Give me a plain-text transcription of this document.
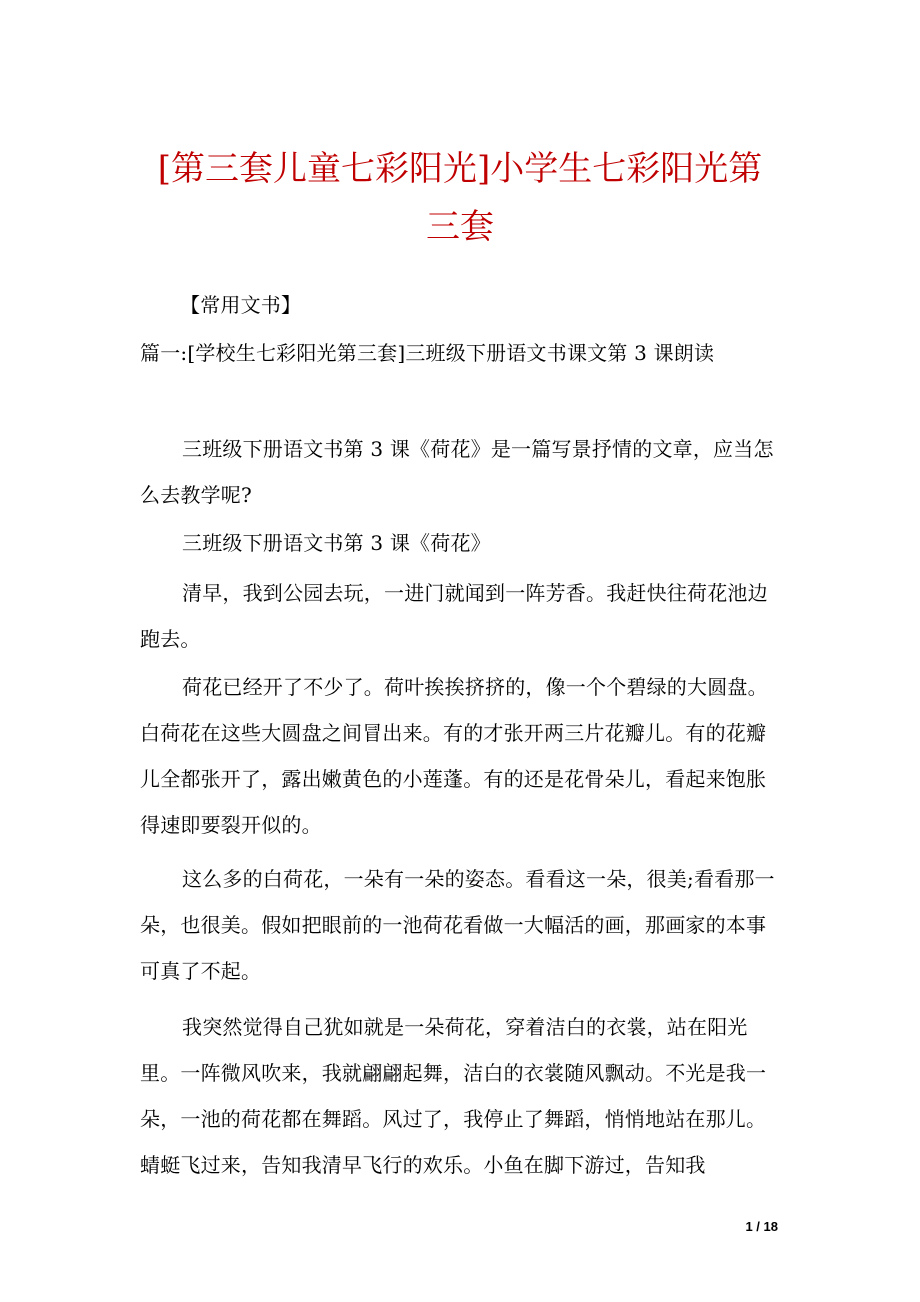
[第三套儿童七彩阳光]小学生七彩阳光第
三套

【常用文书】

篇一:[学校生七彩阳光第三套]三班级下册语文书课文第 3 课朗读

三班级下册语文书第 3 课《荷花》是一篇写景抒情的文章，应当怎么去教学呢?

三班级下册语文书第 3 课《荷花》

清早，我到公园去玩，一进门就闻到一阵芳香。我赶快往荷花池边跑去。

荷花已经开了不少了。荷叶挨挨挤挤的，像一个个碧绿的大圆盘。白荷花在这些大圆盘之间冒出来。有的才张开两三片花瓣儿。有的花瓣儿全都张开了，露出嫩黄色的小莲蓬。有的还是花骨朵儿，看起来饱胀得速即要裂开似的。

这么多的白荷花，一朵有一朵的姿态。看看这一朵，很美;看看那一朵，也很美。假如把眼前的一池荷花看做一大幅活的画，那画家的本事可真了不起。

我突然觉得自己犹如就是一朵荷花，穿着洁白的衣裳，站在阳光里。一阵微风吹来，我就翩翩起舞，洁白的衣裳随风飘动。不光是我一朵，一池的荷花都在舞蹈。风过了，我停止了舞蹈，悄悄地站在那儿。蜻蜓飞过来，告知我清早飞行的欢乐。小鱼在脚下游过，告知我

1 / 18
